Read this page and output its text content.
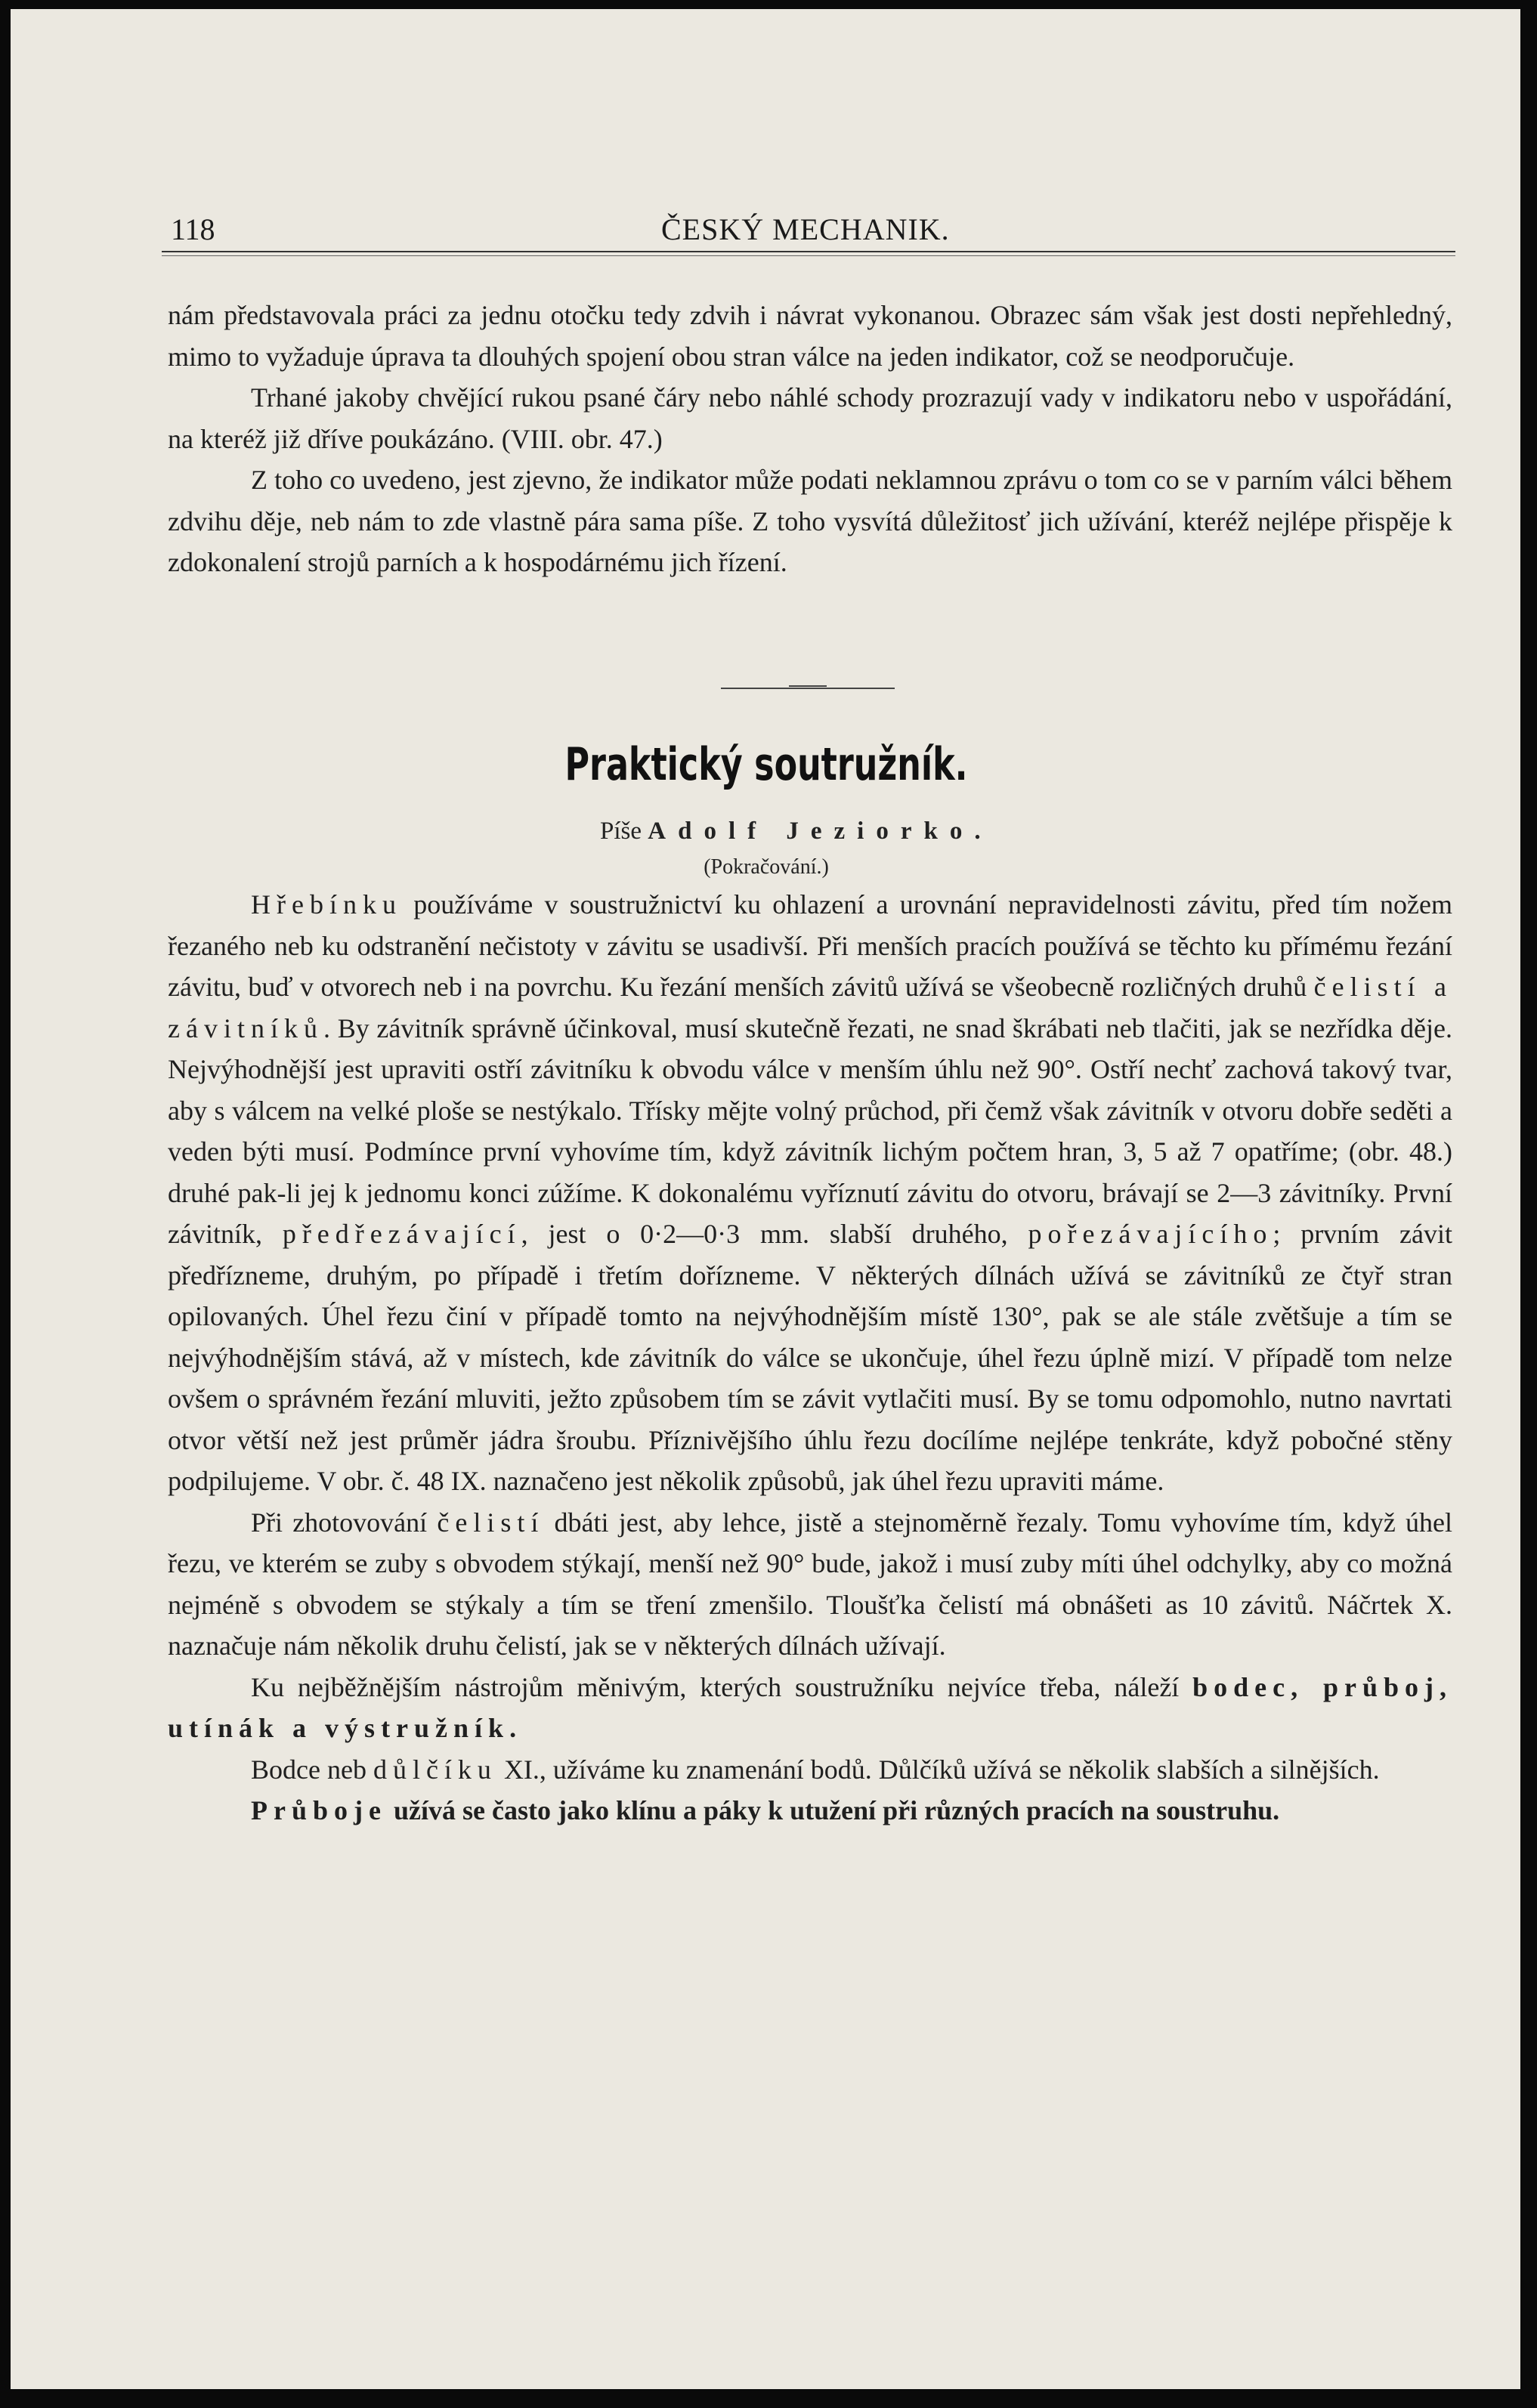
118	ČESKÝ MECHANIK.

nám představovala práci za jednu otočku tedy zdvih i návrat vykonanou. Obrazec sám však jest dosti nepřehledný, mimo to vyžaduje úprava ta dlouhých spojení obou stran válce na jeden indikator, což se neodporučuje.

Trhané jakoby chvějící rukou psané čáry nebo náhlé schody prozrazují vady v indikatoru nebo v uspořádání, na kteréž již dříve poukázáno. (VIII. obr. 47.)

Z toho co uvedeno, jest zjevno, že indikator může podati neklamnou zprávu o tom co se v parním válci během zdvihu děje, neb nám to zde vlastně pára sama píše. Z toho vysvítá důležitosť jich užívání, kteréž nejlépe přispěje k zdokonalení strojů parních a k hospodárnému jich řízení.

Praktický soutružník.
Píše Adolf Jeziorko.
(Pokračování.)

Hřebínku používáme v soustružnictví ku ohlazení a urovnání nepravidelnosti závitu, před tím nožem řezaného neb ku odstranění nečistoty v závitu se usadivší. Při menších pracích používá se těchto ku přímému řezání závitu, buď v otvorech neb i na povrchu. Ku řezání menších závitů užívá se všeobecně rozličných druhů čelistí a závitníků. By závitník správně účinkoval, musí skutečně řezati, ne snad škrábati neb tlačiti, jak se nezřídka děje. Nejvýhodnější jest upraviti ostří závitníku k obvodu válce v menším úhlu než 90°. Ostří nechť zachová takový tvar, aby s válcem na velké ploše se nestýkalo. Třísky mějte volný průchod, při čemž však závitník v otvoru dobře seděti a veden býti musí. Podmínce první vyhovíme tím, když závitník lichým počtem hran, 3, 5 až 7 opatříme; (obr. 48.) druhé pak-li jej k jednomu konci zúžíme. K dokonalému vyříznutí závitu do otvoru, brávají se 2—3 závitníky. První závitník, předřezávající, jest o 0·2—0·3 mm. slabší druhého, pořezávajícího; prvním závit předřízneme, druhým, po případě i třetím dořízneme. V některých dílnách užívá se závitníků ze čtyř stran opilovaných. Úhel řezu činí v případě tomto na nejvýhodnějším místě 130°, pak se ale stále zvětšuje a tím se nejvýhodnějším stává, až v místech, kde závitník do válce se ukončuje, úhel řezu úplně mizí. V případě tom nelze ovšem o správném řezání mluviti, ježto způsobem tím se závit vytlačiti musí. By se tomu odpomohlo, nutno navrtati otvor větší než jest průměr jádra šroubu. Příznivějšího úhlu řezu docílíme nejlépe tenkráte, když pobočné stěny podpilujeme. V obr. č. 48 IX. naznačeno jest několik způsobů, jak úhel řezu upraviti máme.

Při zhotovování čelistí dbáti jest, aby lehce, jistě a stejnoměrně řezaly. Tomu vyhovíme tím, když úhel řezu, ve kterém se zuby s obvodem stýkají, menší než 90° bude, jakož i musí zuby míti úhel odchylky, aby co možná nejméně s obvodem se stýkaly a tím se tření zmenšilo. Tloušťka čelistí má obnášeti as 10 závitů. Náčrtek X. naznačuje nám několik druhu čelistí, jak se v některých dílnách užívají.

Ku nejběžnějším nástrojům měnivým, kterých soustružníku nejvíce třeba, náleží bodec, průboj, utínák a výstružník.

Bodce neb důlčíku XI., užíváme ku znamenání bodů. Důlčíků užívá se několik slabších a silnějších.

Průboje užívá se často jako klínu a páky k utužení při různých pracích na soustruhu.
